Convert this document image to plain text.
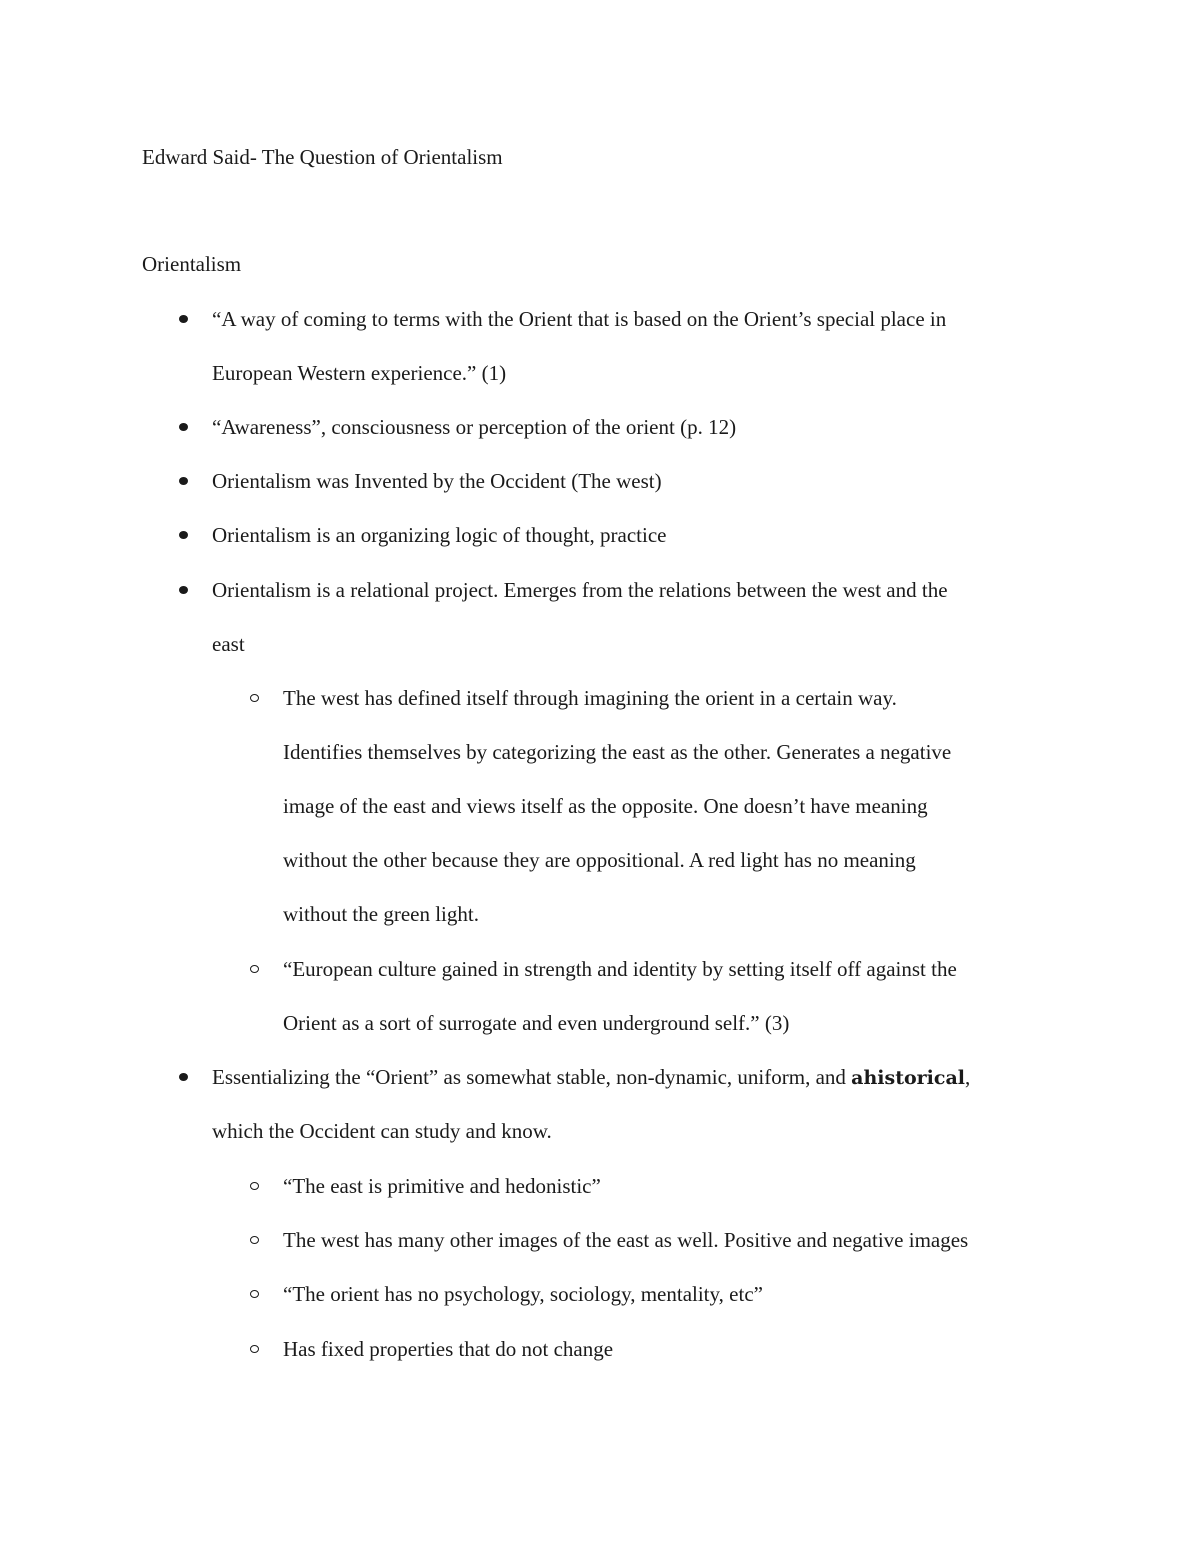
Edward Said- The Question of Orientalism
Orientalism
“A way of coming to terms with the Orient that is based on the Orient’s special place in
European Western experience.” (1)
“Awareness”, consciousness or perception of the orient (p. 12)
Orientalism was Invented by the Occident (The west)
Orientalism is an organizing logic of thought, practice
Orientalism is a relational project. Emerges from the relations between the west and the
east
The west has defined itself through imagining the orient in a certain way.
Identifies themselves by categorizing the east as the other. Generates a negative
image of the east and views itself as the opposite. One doesn’t have meaning
without the other because they are oppositional. A red light has no meaning
without the green light.
“European culture gained in strength and identity by setting itself off against the
Orient as a sort of surrogate and even underground self.” (3)
Essentializing the “Orient” as somewhat stable, non-dynamic, uniform, and ahistorical,
which the Occident can study and know.
“The east is primitive and hedonistic”
The west has many other images of the east as well. Positive and negative images
“The orient has no psychology, sociology, mentality, etc”
Has fixed properties that do not change
